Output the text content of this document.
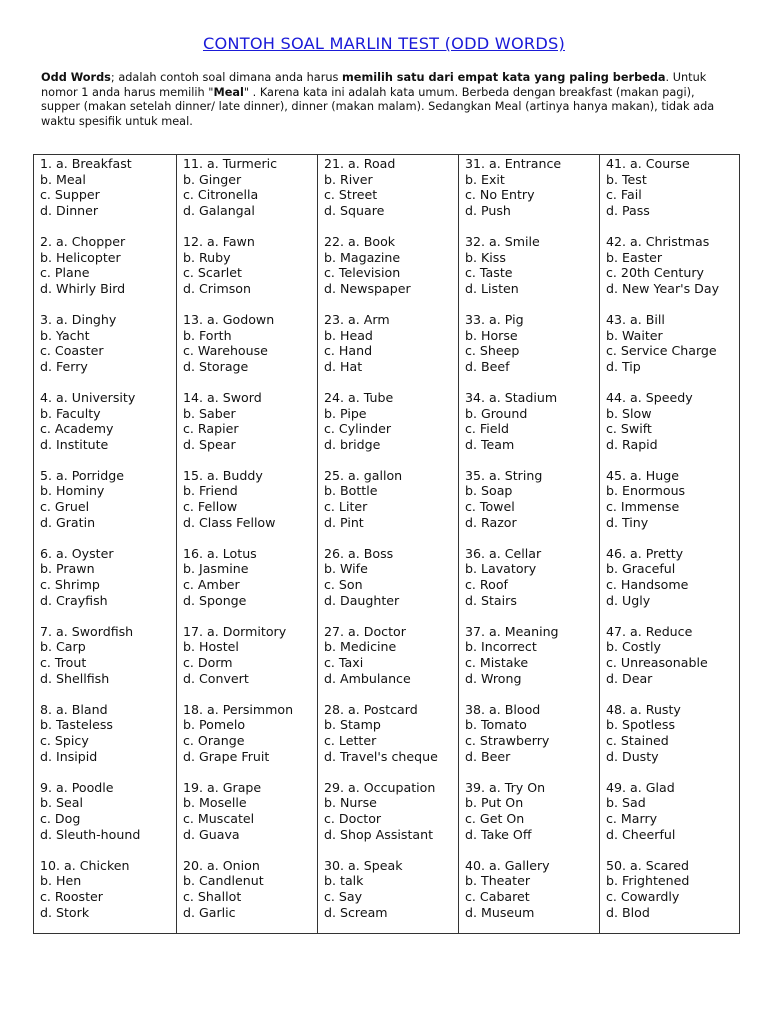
CONTOH SOAL MARLIN TEST (ODD WORDS)

Odd Words; adalah contoh soal dimana anda harus memilih satu dari empat kata yang paling berbeda. Untuk nomor 1 anda harus memilih "Meal" . Karena kata ini adalah kata umum. Berbeda dengan breakfast (makan pagi), supper (makan setelah dinner/ late dinner), dinner (makan malam). Sedangkan Meal (artinya hanya makan), tidak ada waktu spesifik untuk meal.

1. a. Breakfast
b. Meal
c. Supper
d. Dinner
2. a. Chopper
b. Helicopter
c. Plane
d. Whirly Bird
3. a. Dinghy
b. Yacht
c. Coaster
d. Ferry
4. a. University
b. Faculty
c. Academy
d. Institute
5. a. Porridge
b. Hominy
c. Gruel
d. Gratin
6. a. Oyster
b. Prawn
c. Shrimp
d. Crayfish
7. a. Swordfish
b. Carp
c. Trout
d. Shellfish
8. a. Bland
b. Tasteless
c. Spicy
d. Insipid
9. a. Poodle
b. Seal
c. Dog
d. Sleuth-hound
10. a. Chicken
b. Hen
c. Rooster
d. Stork
11. a. Turmeric
b. Ginger
c. Citronella
d. Galangal
12. a. Fawn
b. Ruby
c. Scarlet
d. Crimson
13. a. Godown
b. Forth
c. Warehouse
d. Storage
14. a. Sword
b. Saber
c. Rapier
d. Spear
15. a. Buddy
b. Friend
c. Fellow
d. Class Fellow
16. a. Lotus
b. Jasmine
c. Amber
d. Sponge
17. a. Dormitory
b. Hostel
c. Dorm
d. Convert
18. a. Persimmon
b. Pomelo
c. Orange
d. Grape Fruit
19. a. Grape
b. Moselle
c. Muscatel
d. Guava
20. a. Onion
b. Candlenut
c. Shallot
d. Garlic
21. a. Road
b. River
c. Street
d. Square
22. a. Book
b. Magazine
c. Television
d. Newspaper
23. a. Arm
b. Head
c. Hand
d. Hat
24. a. Tube
b. Pipe
c. Cylinder
d. bridge
25. a. gallon
b. Bottle
c. Liter
d. Pint
26. a. Boss
b. Wife
c. Son
d. Daughter
27. a. Doctor
b. Medicine
c. Taxi
d. Ambulance
28. a. Postcard
b. Stamp
c. Letter
d. Travel's cheque
29. a. Occupation
b. Nurse
c. Doctor
d. Shop Assistant
30. a. Speak
b. talk
c. Say
d. Scream
31. a. Entrance
b. Exit
c. No Entry
d. Push
32. a. Smile
b. Kiss
c. Taste
d. Listen
33. a. Pig
b. Horse
c. Sheep
d. Beef
34. a. Stadium
b. Ground
c. Field
d. Team
35. a. String
b. Soap
c. Towel
d. Razor
36. a. Cellar
b. Lavatory
c. Roof
d. Stairs
37. a. Meaning
b. Incorrect
c. Mistake
d. Wrong
38. a. Blood
b. Tomato
c. Strawberry
d. Beer
39. a. Try On
b. Put On
c. Get On
d. Take Off
40. a. Gallery
b. Theater
c. Cabaret
d. Museum
41. a. Course
b. Test
c. Fail
d. Pass
42. a. Christmas
b. Easter
c. 20th Century
d. New Year's Day
43. a. Bill
b. Waiter
c. Service Charge
d. Tip
44. a. Speedy
b. Slow
c. Swift
d. Rapid
45. a. Huge
b. Enormous
c. Immense
d. Tiny
46. a. Pretty
b. Graceful
c. Handsome
d. Ugly
47. a. Reduce
b. Costly
c. Unreasonable
d. Dear
48. a. Rusty
b. Spotless
c. Stained
d. Dusty
49. a. Glad
b. Sad
c. Marry
d. Cheerful
50. a. Scared
b. Frightened
c. Cowardly
d. Blod
